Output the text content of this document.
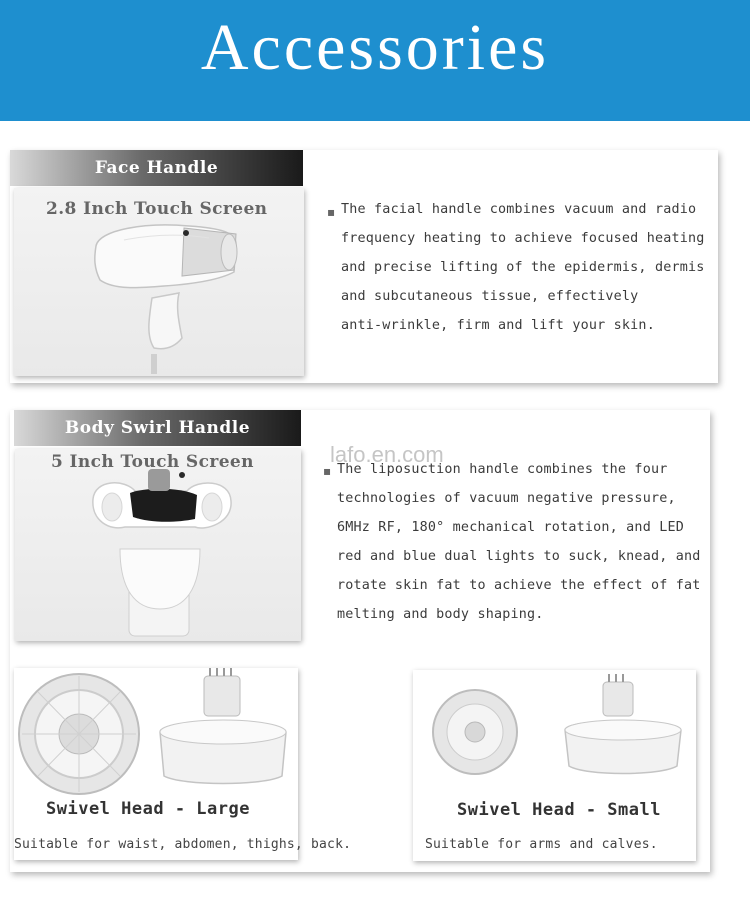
Accessories
Face Handle
2.8 Inch Touch Screen	▪ The facial handle combines vacuum and radio
frequency heating to achieve focused heating
and precise lifting of the epidermis, dermis
and subcutaneous tissue, effectively
anti-wrinkle, firm and lift your skin.
Body Swirl Handle
5 Inch Touch Screen	lafo.en.com
▪ The liposuction handle combines the four
technologies of vacuum negative pressure,
6MHz RF, 180° mechanical rotation, and LED
red and blue dual lights to suck, knead, and
rotate skin fat to achieve the effect of fat
melting and body shaping.
Swivel Head - Large
Suitable for waist, abdomen, thighs, back.
Swivel Head - Small
Suitable for arms and calves.
